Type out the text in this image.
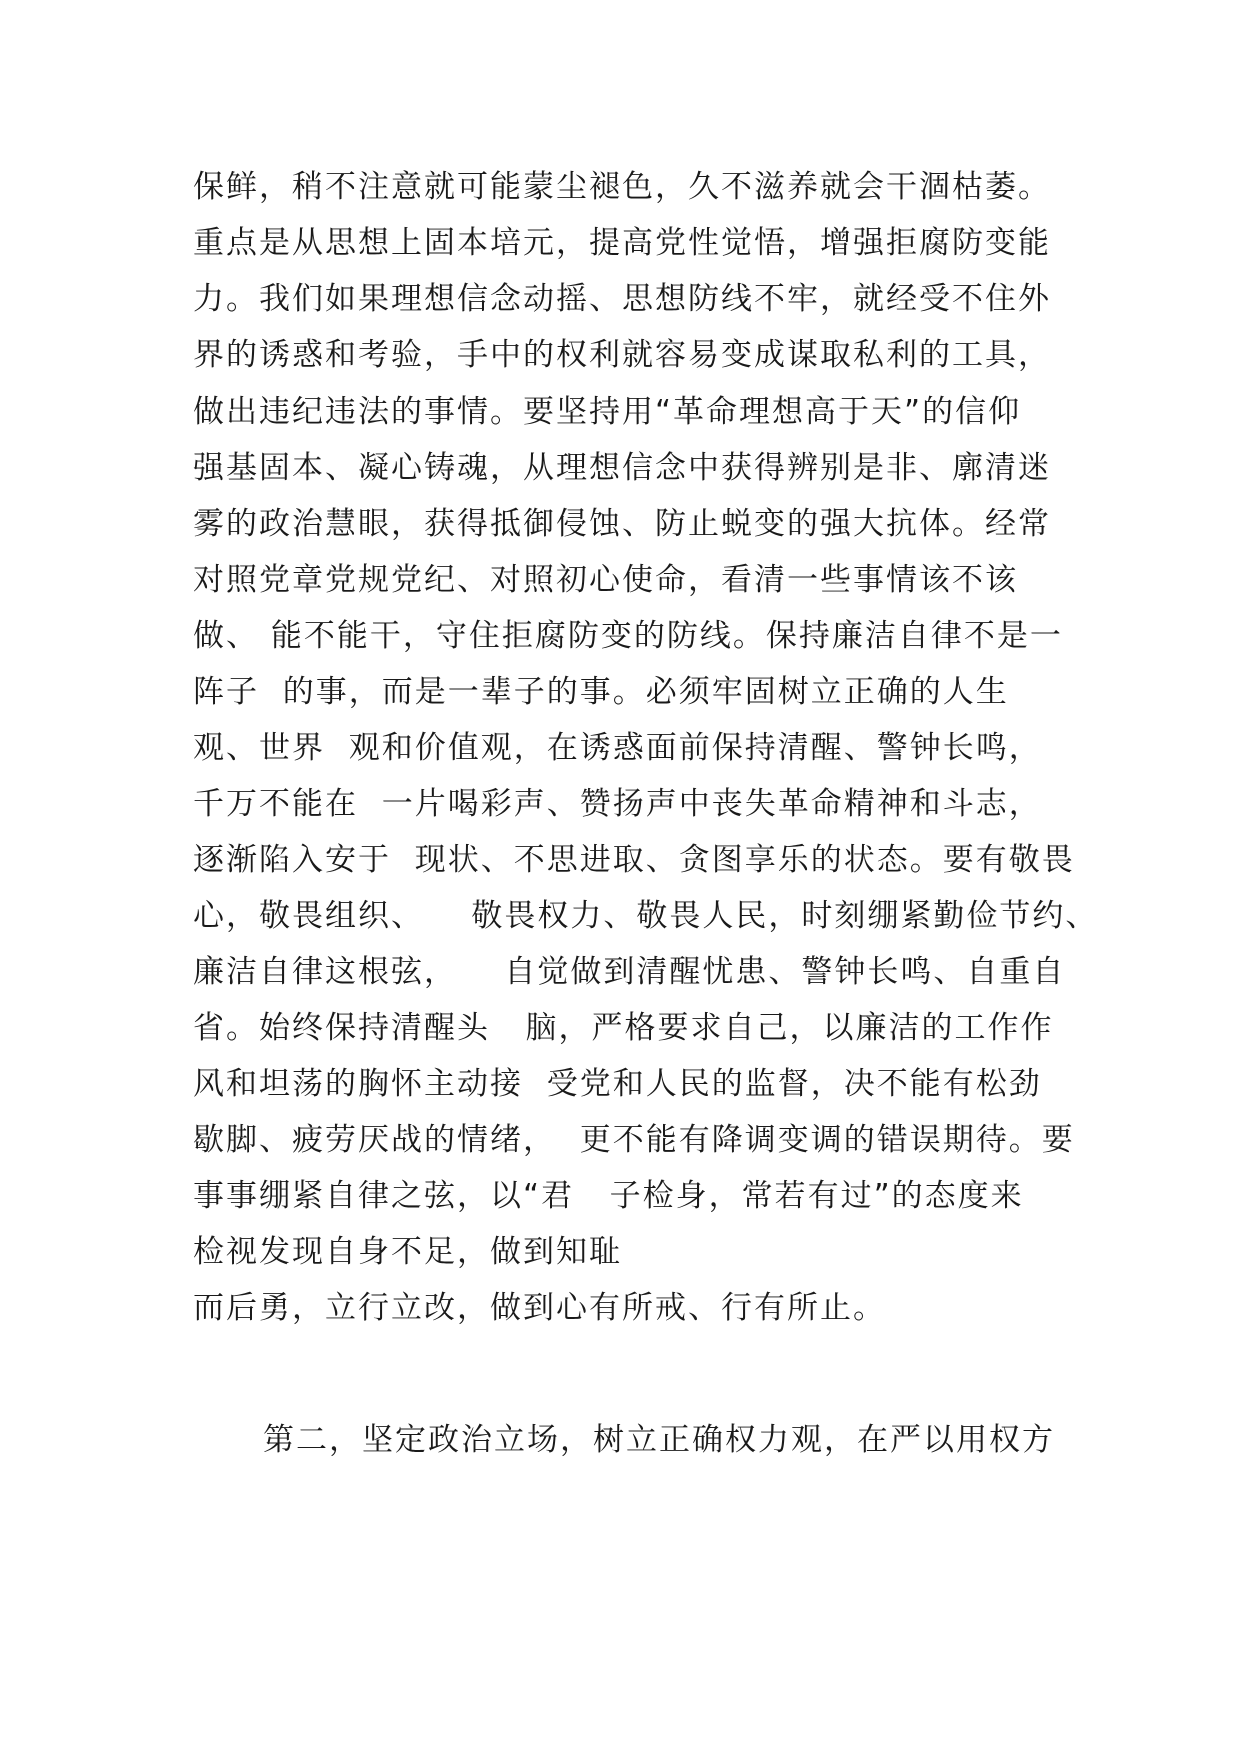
保鲜，稍不注意就可能蒙尘褪色，久不滋养就会干涸枯萎。
重点是从思想上固本培元，提高党性觉悟，增强拒腐防变能
力。我们如果理想信念动摇、思想防线不牢，就经受不住外
界的诱惑和考验，手中的权利就容易变成谋取私利的工具，
做出违纪违法的事情。要坚持用“革命理想高于天”的信仰
强基固本、凝心铸魂，从理想信念中获得辨别是非、廓清迷
雾的政治慧眼，获得抵御侵蚀、防止蜕变的强大抗体。经常
对照党章党规党纪、对照初心使命，看清一些事情该不该
做、 能不能干，守住拒腐防变的防线。保持廉洁自律不是一
阵子  的事，而是一辈子的事。必须牢固树立正确的人生
观、世界  观和价值观，在诱惑面前保持清醒、警钟长鸣，
千万不能在  一片喝彩声、赞扬声中丧失革命精神和斗志，
逐渐陷入安于  现状、不思进取、贪图享乐的状态。要有敬畏
心，敬畏组织、    敬畏权力、敬畏人民，时刻绷紧勤俭节约、
廉洁自律这根弦，    自觉做到清醒忧患、警钟长鸣、自重自
省。始终保持清醒头   脑，严格要求自己，以廉洁的工作作
风和坦荡的胸怀主动接  受党和人民的监督，决不能有松劲
歇脚、疲劳厌战的情绪，  更不能有降调变调的错误期待。要
事事绷紧自律之弦，以“君   子检身，常若有过”的态度来
检视发现自身不足，做到知耻
而后勇，立行立改，做到心有所戒、行有所止。
第二，坚定政治立场，树立正确权力观，在严以用权方
